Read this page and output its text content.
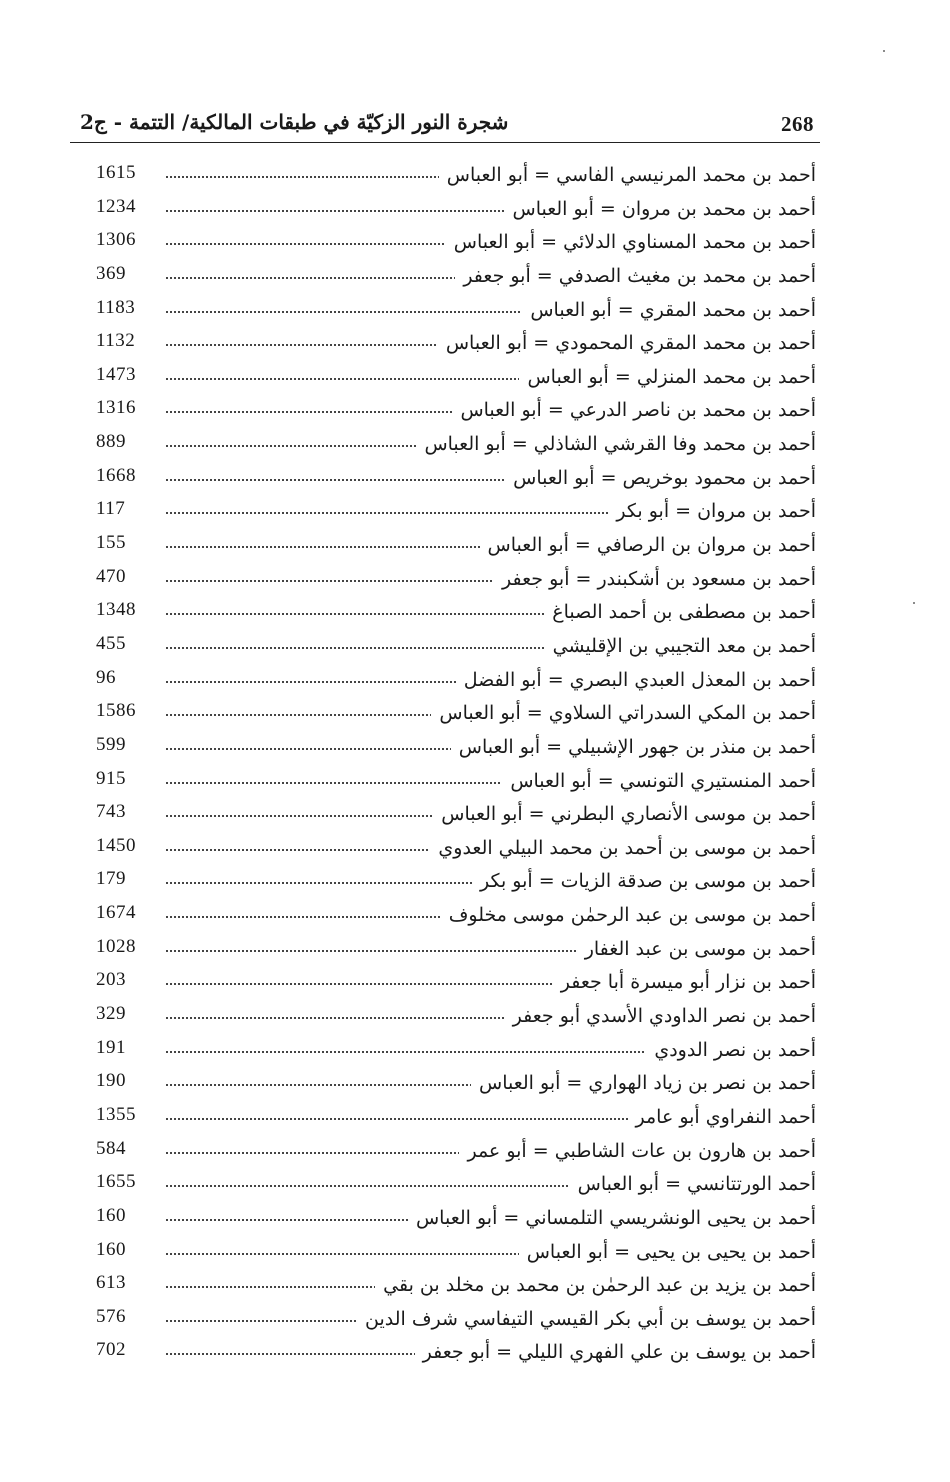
268
شجرة النور الزكيّة في طبقات المالكية/ التتمة - ج2
أحمد بن محمد المرنيسي الفاسي = أبو العباس
1615
أحمد بن محمد بن مروان = أبو العباس
1234
أحمد بن محمد المسناوي الدلائي = أبو العباس
1306
أحمد بن محمد بن مغيث الصدفي = أبو جعفر
369
أحمد بن محمد المقري = أبو العباس
1183
أحمد بن محمد المقري المحمودي = أبو العباس
1132
أحمد بن محمد المنزلي = أبو العباس
1473
أحمد بن محمد بن ناصر الدرعي = أبو العباس
1316
أحمد بن محمد وفا القرشي الشاذلي = أبو العباس
889
أحمد بن محمود بوخريص = أبو العباس
1668
أحمد بن مروان = أبو بكر
117
أحمد بن مروان بن الرصافي = أبو العباس
155
أحمد بن مسعود بن أشكبندر = أبو جعفر
470
أحمد بن مصطفى بن أحمد الصباغ
1348
أحمد بن معد التجيبي بن الإقليشي
455
أحمد بن المعذل العبدي البصري = أبو الفضل
96
أحمد بن المكي السدراتي السلاوي = أبو العباس
1586
أحمد بن منذر بن جهور الإشبيلي = أبو العباس
599
أحمد المنستيري التونسي = أبو العباس
915
أحمد بن موسى الأنصاري البطرني = أبو العباس
743
أحمد بن موسى بن أحمد بن محمد البيلي العدوي
1450
أحمد بن موسى بن صدقة الزيات = أبو بكر
179
أحمد بن موسى بن عبد الرحمٰن موسى مخلوف
1674
أحمد بن موسى بن عبد الغفار
1028
أحمد بن نزار أبو ميسرة أبا جعفر
203
أحمد بن نصر الداودي الأسدي أبو جعفر
329
أحمد بن نصر الدودي
191
أحمد بن نصر بن زياد الهواري = أبو العباس
190
أحمد النفراوي أبو عامر
1355
أحمد بن هارون بن عات الشاطبي = أبو عمر
584
أحمد الورتتانسي = أبو العباس
1655
أحمد بن يحيى الونشريسي التلمساني = أبو العباس
160
أحمد بن يحيى بن يحيى = أبو العباس
160
أحمد بن يزيد بن عبد الرحمٰن بن محمد بن مخلد بن بقي
613
أحمد بن يوسف بن أبي بكر القيسي التيفاسي شرف الدين
576
أحمد بن يوسف بن علي الفهري الليلي = أبو جعفر
702
